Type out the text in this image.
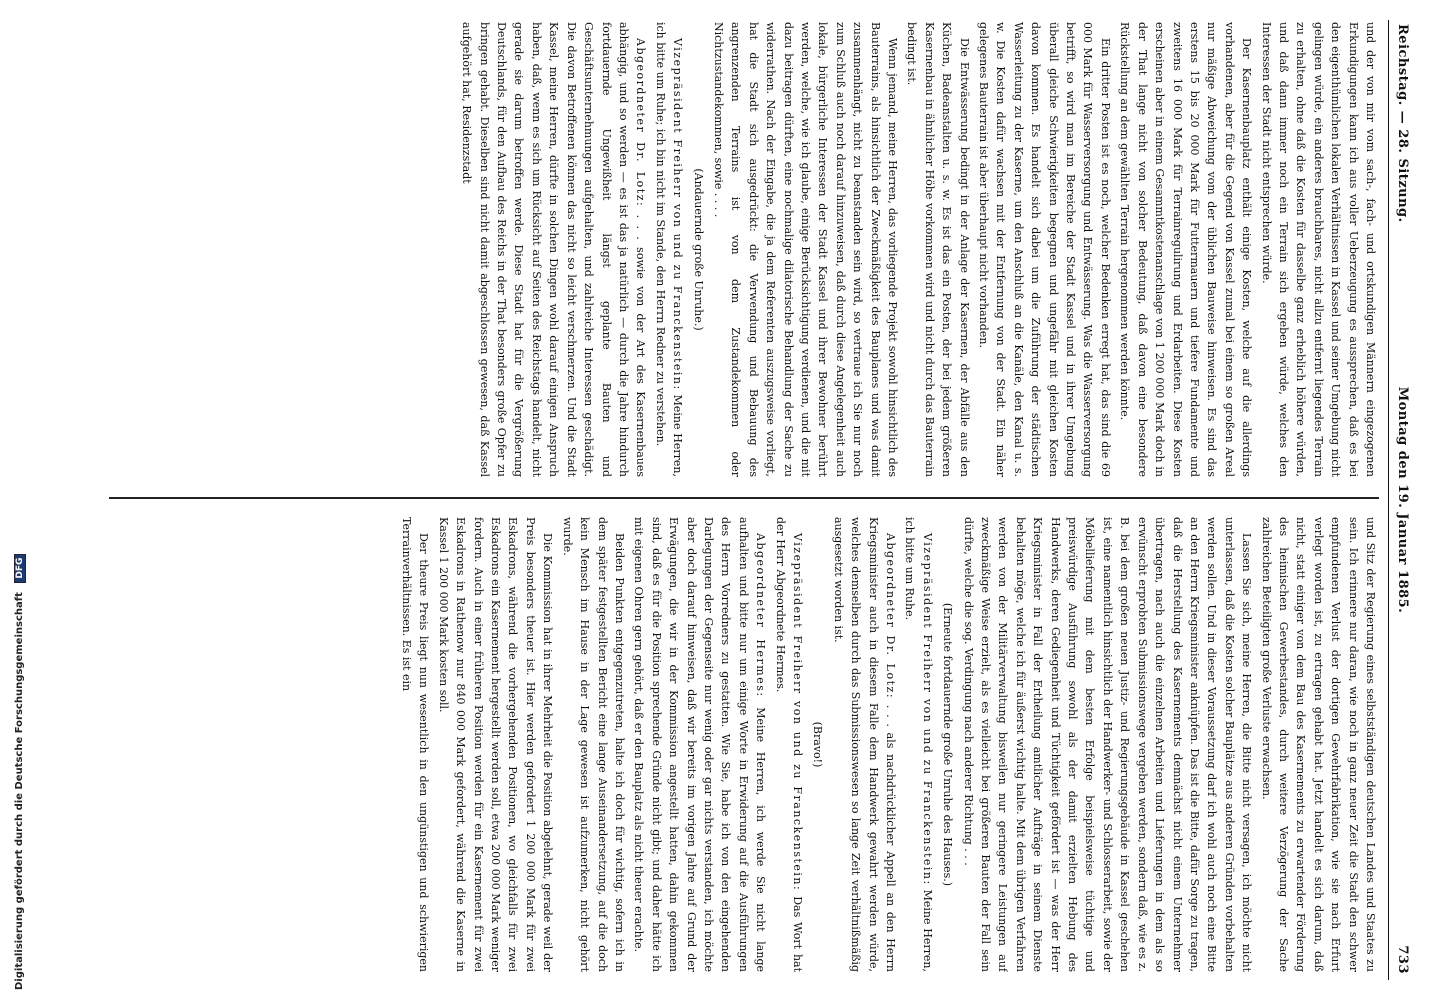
Reichstag. — 28. Sitzung.
Montag den 19. Januar 1885.
733

und der von mir vom sach-, fach- und ortskundigen Männern eingezogenen Erkundigungen kann ich aus voller Ueberzeugung es aussprechen, daß es bei den eigenthümlichen lokalen Verhältnissen in Kassel und seiner Umgebung nicht gelingen würde, ein anderes brauchbares, nicht allzu entfernt liegendes Terrain zu erhalten, ohne daß die Kosten für dasselbe ganz erheblich höhere würden, und daß dann immer noch ein Terrain sich ergeben würde, welches den Interessen der Stadt nicht entsprechen würde.

Der Kasernenbauplatz enthält einige Kosten, welche auf die allerdings vorhandenen, aber für die Gegend von Kassel zumal bei einem so großen Areal nur mäßige Abweichung vom der üblichen Bauweise hinweisen. Es sind das erstens 15 bis 20 000 Mark für Futtermauern und tiefere Fundamente und zweitens 16 000 Mark für Terrainregulirung und Erdarbeiten. Diese Kosten erscheinen aber in einem Gesammtkostenanschlage von 1 200 000 Mark doch in der That lange nicht von solcher Bedeutung, daß davon eine besondere Rückstellung an dem gewählten Terrain hergenommen werden könnte.

Ein dritter Posten ist es noch, welcher Bedenken erregt hat, das sind die 69 000 Mark für Wasserversorgung und Entwässerung. Was die Wasserversorgung betrifft, so wird man im Bereiche der Stadt Kassel und in ihrer Umgebung überall gleiche Schwierigkeiten begegnen und ungefähr mit gleichen Kosten davon kommen. Es handelt sich dabei um die Zuführung der städtischen Wasserleitung zu der Kaserne, um den Anschluß an die Kanäle, den Kanal u. s. w. Die Kosten dafür wachsen mit der Entfernung von der Stadt. Ein näher gelegenes Bauterrain ist aber überhaupt nicht vorhanden.

Die Entwässerung bedingt in der Anlage der Kasernen, der Abfälle aus den Küchen, Badeanstalten u. s. w. Es ist das ein Posten, der bei jedem größeren Kasernenbau in ähnlicher Höhe vorkommen wird und nicht durch das Bauterrain bedingt ist.

Wenn jemand, meine Herren, das vorliegende Projekt sowohl hinsichtlich des Bauterrains, als hinsichtlich der Zweckmäßigkeit des Bauplanes und was damit zusammenhängt, nicht zu beanstanden sein wird, so vertraue ich Sie nur noch zum Schluß auch noch darauf hinzuweisen, daß durch diese Angelegenheit auch lokale, bürgerliche Interessen der Stadt Kassel und ihrer Bewohner berührt werden, welche, wie ich glaube, einige Berücksichtigung verdienen, und die mit dazu beitragen dürften, eine nochmalige dilatorische Behandlung der Sache zu widerrathen. Nach der Eingabe, die ja dem Referenten auszugsweise vorliegt, hat die Stadt sich ausgedrückt: die Verwendung und Bebauung des angrenzenden Terrains ist von dem Zustandekommen oder Nichtzustandekommen, sowie . . . .

(Andauernde große Unruhe.)

Vizepräsident Freiherr von und zu Franckenstein: Meine Herren, ich bitte um Ruhe; ich bin nicht im Stande, den Herrn Redner zu verstehen.

Abgeordneter Dr. Lotz: . . . sowie von der Art des Kasernenbaues abhängig, und so werden — es ist das ja natürlich — durch die Jahre hindurch fortdauernde Ungewißheit längst geplante Bauten und Geschäftsunternehmungen aufgehalten, und zahlreiche Interessen geschädigt. Die davon Betroffenen können das nicht so leicht verschmerzen. Und die Stadt Kassel, meine Herren, dürfte in solchen Dingen wohl darauf einigen Anspruch haben, daß, wenn es sich um Rücksicht auf Seiten des Reichstags handelt, nicht gerade sie darum betroffen werde. Diese Stadt hat für die Vergrößerung Deutschlands, für den Aufbau des Reichs in der That besonders große Opfer zu bringen gehabt. Dieselben sind nicht damit abgeschlossen gewesen, daß Kassel aufgehört hat, Residenzstadt

und Sitz der Regierung eines selbstständigen deutschen Landes und Staates zu sein. Ich erinnere nur daran, wie noch in ganz neuer Zeit die Stadt den schwer empfundenen Verlust der dortigen Gewehrfabrikation, wie sie nach Erfurt verlegt worden ist, zu ertragen gehabt hat. Jetzt handelt es sich darum, daß nicht, statt einiger von dem Bau des Kasernements zu erwartender Förderung des heimischen Gewerbestandes, durch weitere Verzögerung der Sache zahlreichen Beteiligten große Verluste erwachsen.

Lassen Sie sich, meine Herren, die Bitte nicht versagen, ich möchte nicht unterlassen, daß die Kosten solcher Bauplätze aus anderen Gründen vorbehalten werden sollen. Und in dieser Voraussetzung darf ich wohl auch noch eine Bitte an den Herrn Kriegsminister anknüpfen. Das ist die Bitte, dafür Sorge zu tragen, daß die Herstellung des Kasernements demnächst nicht einem Unternehmer übertragen, nach auch die einzelnen Arbeiten und Lieferungen in dem als so erwünscht erprobten Submissionswege vergeben werden, sondern daß, wie es z. B. bei dem großen neuen Justiz- und Regierungsgebäude in Kassel geschehen ist, eine namentlich hinsichtlich der Handwerker- und Schlosserarbeit, sowie der Möbellieferung mit dem besten Erfolge beispielsweise tüchtige und preiswürdige Ausführung sowohl als der damit erzielten Hebung des Handwerks, deren Gediegenheit und Tüchtigkeit gefördert ist — was der Herr Kriegsminister in Fall der Ertheilung amtlicher Aufträge in seinem Dienste behalten möge, welche ich für äußerst wichtig halte. Mit dem übrigen Verfahren werden von der Militärverwaltung bisweilen nur geringere Leistungen auf zweckmäßige Weise erzielt, als es vielleicht bei größeren Bauten der Fall sein dürfte, welche die sog. Verdingung nach anderer Richtung . . .

(Erneute fortdauernde große Unruhe des Hauses.)

Vizepräsident Freiherr von und zu Franckenstein: Meine Herren, ich bitte um Ruhe.

Abgeordneter Dr. Lotz: . . . als nachdrücklicher Appell an den Herrn Kriegsminister auch in diesem Falle dem Handwerk gewahrt werden würde, welches demselben durch das Submissionswesen so lange Zeit verhältnißmäßig ausgesetzt worden ist.

(Bravo!)

Vizepräsident Freiherr von und zu Franckenstein: Das Wort hat der Herr Abgeordnete Hermes.

Abgeordneter Hermes: Meine Herren, ich werde Sie nicht lange aufhalten und bitte nur um einige Worte in Erwiderung auf die Ausführungen des Herrn Vorredners zu gestatten. Wie Sie, habe ich von den eingehenden Darlegungen der Gegenseite nur wenig oder gar nichts verstanden, ich möchte aber doch darauf hinweisen, daß wir bereits im vorigen Jahre auf Grund der Erwägungen, die wir in der Kommission angestellt hatten, dahin gekommen sind, daß es für die Position sprechende Gründe nicht gibt; und daher hätte ich mit eigenen Ohren gern gehört, daß er den Bauplatz als nicht theuer erachte.

Beiden Punkten entgegenzutreten, halte ich doch für wichtig, sofern ich in dem später festgestellten Bericht eine lange Auseinandersetzung, auf die doch kein Mensch im Hause in der Lage gewesen ist aufzumerken, nicht gehört wurde.

Die Kommission hat in ihrer Mehrheit die Position abgelehnt, gerade weil der Preis besonders theuer ist. Hier werden gefordert 1 200 000 Mark für zwei Eskadrons, während die vorhergehenden Positionen, wo gleichfalls für zwei Eskadrons ein Kasernement hergestellt werden soll, etwa 200 000 Mark weniger fordern. Auch in einer früheren Position werden für ein Kasernement für zwei Eskadrons in Rathenow nur 840 000 Mark gefordert, während die Kaserne in Kassel 1 200 000 Mark kosten soll.

Der theure Preis liegt nun wesentlich in den ungünstigen und schwierigen Terrainverhältnissen. Es ist ein

Digitalisierung gefördert durch die Deutsche Forschungsgemeinschaft DFG
